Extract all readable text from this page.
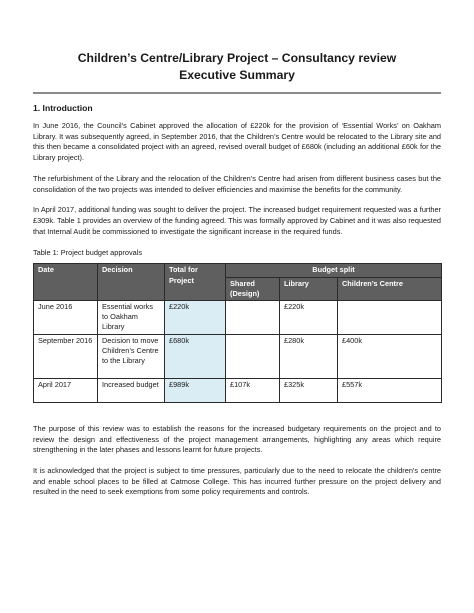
Children’s Centre/Library Project – Consultancy review

Executive Summary

1. Introduction

In June 2016, the Council’s Cabinet approved the allocation of £220k for the provision of ‘Essential Works’ on Oakham Library. It was subsequently agreed, in September 2016, that the Children’s Centre would be relocated to the Library site and this then became a consolidated project with an agreed, revised overall budget of £680k (including an additional £60k for the Library project).

The refurbishment of the Library and the relocation of the Children’s Centre had arisen from different business cases but the consolidation of the two projects was intended to deliver efficiencies and maximise the benefits for the community.

In April 2017, additional funding was sought to deliver the project. The increased budget requirement requested was a further £309k. Table 1 provides an overview of the funding agreed. This was formally approved by Cabinet and it was also requested that Internal Audit be commissioned to investigate the significant increase in the required funds.

Table 1: Project budget approvals
Date	Decision	Total for Project	Budget split		
			Shared (Design)	Library	Children’s Centre
June 2016	Essential works to Oakham Library	£220k		£220k	
September 2016	Decision to move Children’s Centre to the Library	£680k		£280k	£400k
April 2017	Increased budget	£989k	£107k	£325k	£557k

The purpose of this review was to establish the reasons for the increased budgetary requirements on the project and to review the design and effectiveness of the project management arrangements, highlighting any areas which require strengthening in the later phases and lessons learnt for future projects.

It is acknowledged that the project is subject to time pressures, particularly due to the need to relocate the children’s centre and enable school places to be filled at Catmose College. This has incurred further pressure on the project delivery and resulted in the need to seek exemptions from some policy requirements and controls.
